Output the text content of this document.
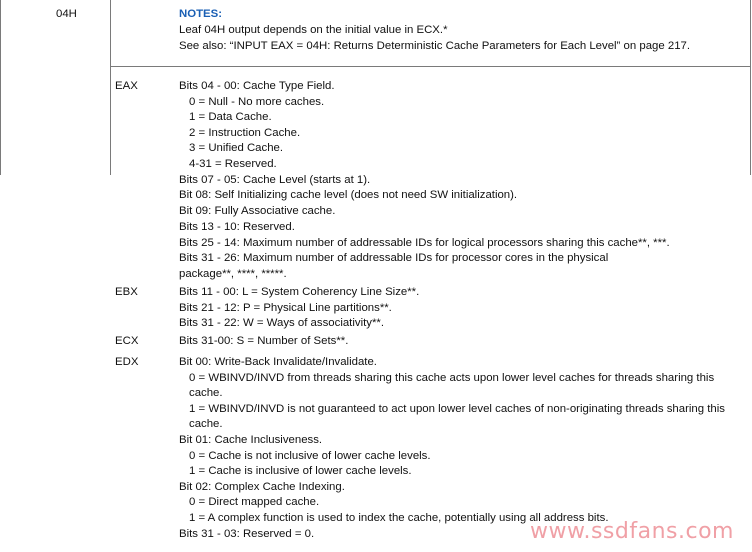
04H	NOTES:
Leaf 04H output depends on the initial value in ECX.*
See also: “INPUT EAX = 04H: Returns Deterministic Cache Parameters for Each Level” on page 217.
EAX	Bits 04 - 00: Cache Type Field.
0 = Null - No more caches.
1 = Data Cache.
2 = Instruction Cache.
3 = Unified Cache.
4-31 = Reserved.
Bits 07 - 05: Cache Level (starts at 1).
Bit 08: Self Initializing cache level (does not need SW initialization).
Bit 09: Fully Associative cache.
Bits 13 - 10: Reserved.
Bits 25 - 14: Maximum number of addressable IDs for logical processors sharing this cache**, ***.
Bits 31 - 26: Maximum number of addressable IDs for processor cores in the physical
package**, ****, *****.
EBX	Bits 11 - 00: L = System Coherency Line Size**.
Bits 21 - 12: P = Physical Line partitions**.
Bits 31 - 22: W = Ways of associativity**.
ECX	Bits 31-00: S = Number of Sets**.
EDX	Bit 00: Write-Back Invalidate/Invalidate.
0 = WBINVD/INVD from threads sharing this cache acts upon lower level caches for threads sharing this cache.
1 = WBINVD/INVD is not guaranteed to act upon lower level caches of non-originating threads sharing this cache.
Bit 01: Cache Inclusiveness.
0 = Cache is not inclusive of lower cache levels.
1 = Cache is inclusive of lower cache levels.
Bit 02: Complex Cache Indexing.
0 = Direct mapped cache.
1 = A complex function is used to index the cache, potentially using all address bits.
Bits 31 - 03: Reserved = 0.	www.ssdfans.com
